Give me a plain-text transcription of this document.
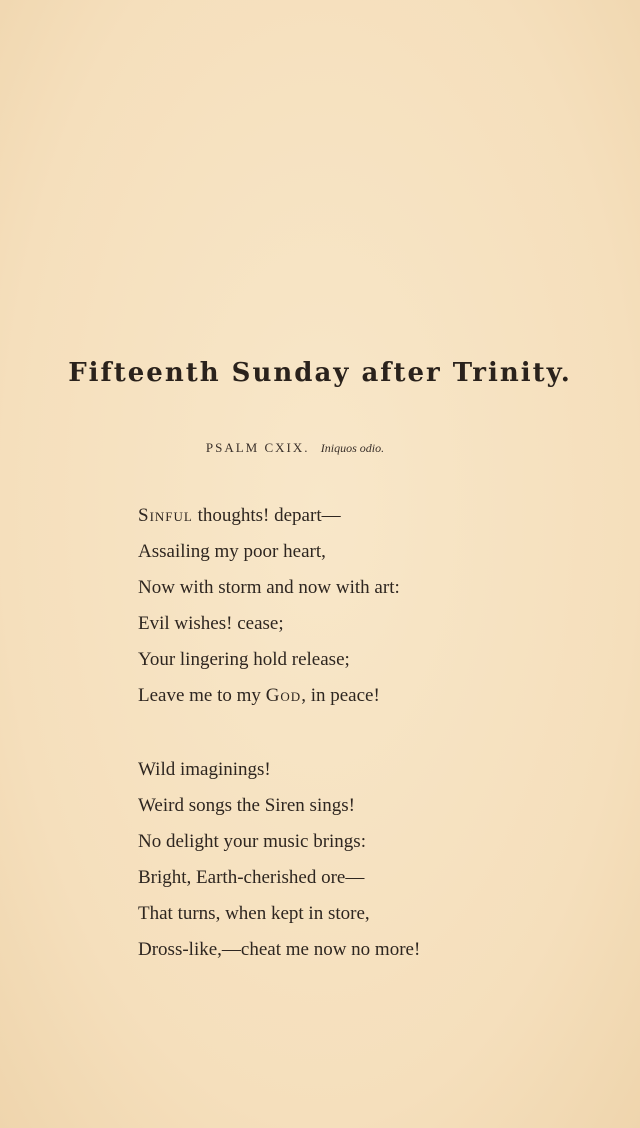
Fifteenth Sunday after Trinity.
PSALM CXIX. Iniquos odio.
Sinful thoughts! depart—
Assailing my poor heart,
Now with storm and now with art:
Evil wishes! cease;
Your lingering hold release;
Leave me to my God, in peace!
Wild imaginings!
Weird songs the Siren sings!
No delight your music brings:
Bright, Earth-cherished ore—
That turns, when kept in store,
Dross-like,—cheat me now no more!
